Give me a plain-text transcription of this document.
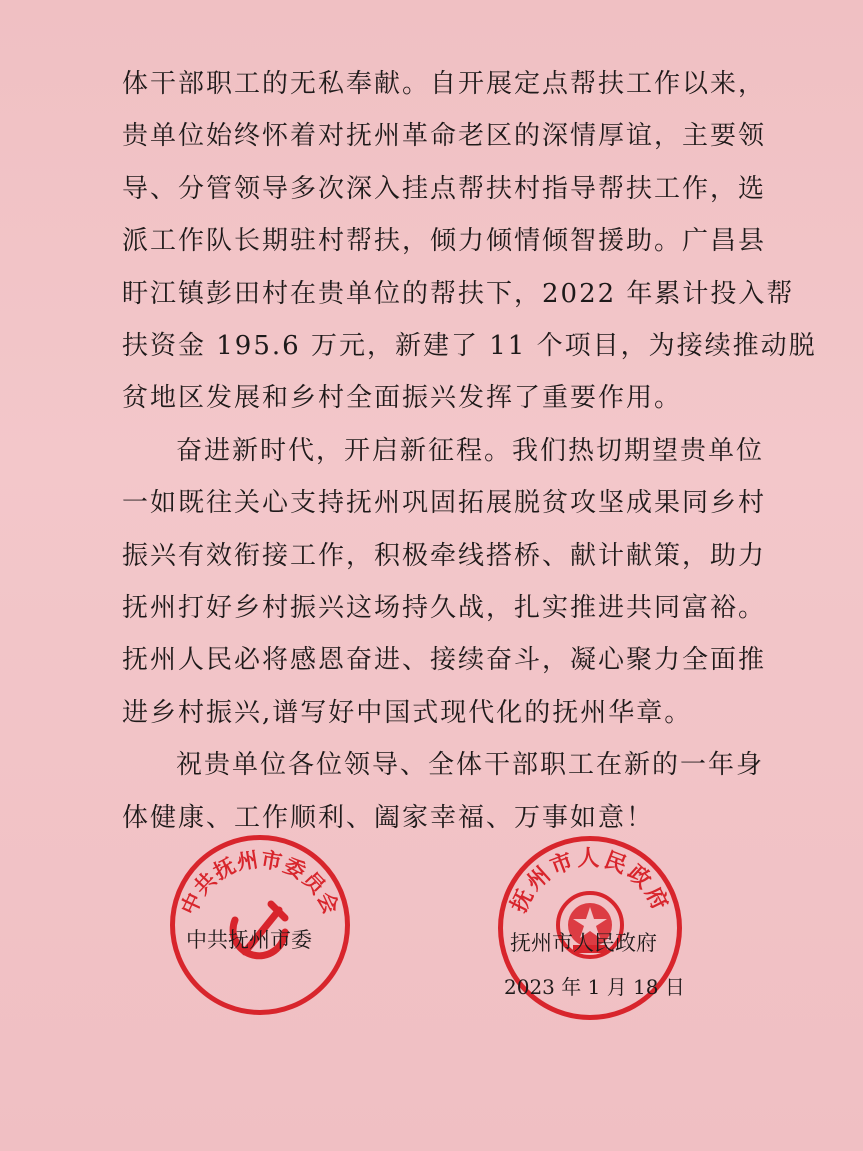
体干部职工的无私奉献。自开展定点帮扶工作以来，
贵单位始终怀着对抚州革命老区的深情厚谊，主要领
导、分管领导多次深入挂点帮扶村指导帮扶工作，选
派工作队长期驻村帮扶，倾力倾情倾智援助。广昌县
盱江镇彭田村在贵单位的帮扶下，2022 年累计投入帮
扶资金 195.6 万元，新建了 11 个项目，为接续推动脱
贫地区发展和乡村全面振兴发挥了重要作用。
奋进新时代，开启新征程。我们热切期望贵单位
一如既往关心支持抚州巩固拓展脱贫攻坚成果同乡村
振兴有效衔接工作，积极牵线搭桥、献计献策，助力
抚州打好乡村振兴这场持久战，扎实推进共同富裕。
抚州人民必将感恩奋进、接续奋斗，凝心聚力全面推
进乡村振兴,谱写好中国式现代化的抚州华章。
祝贵单位各位领导、全体干部职工在新的一年身
体健康、工作顺利、阖家幸福、万事如意！
中共抚州市委员会	抚州市人民政府
中共抚州市委	抚州市人民政府
2023 年 1 月 18 日
